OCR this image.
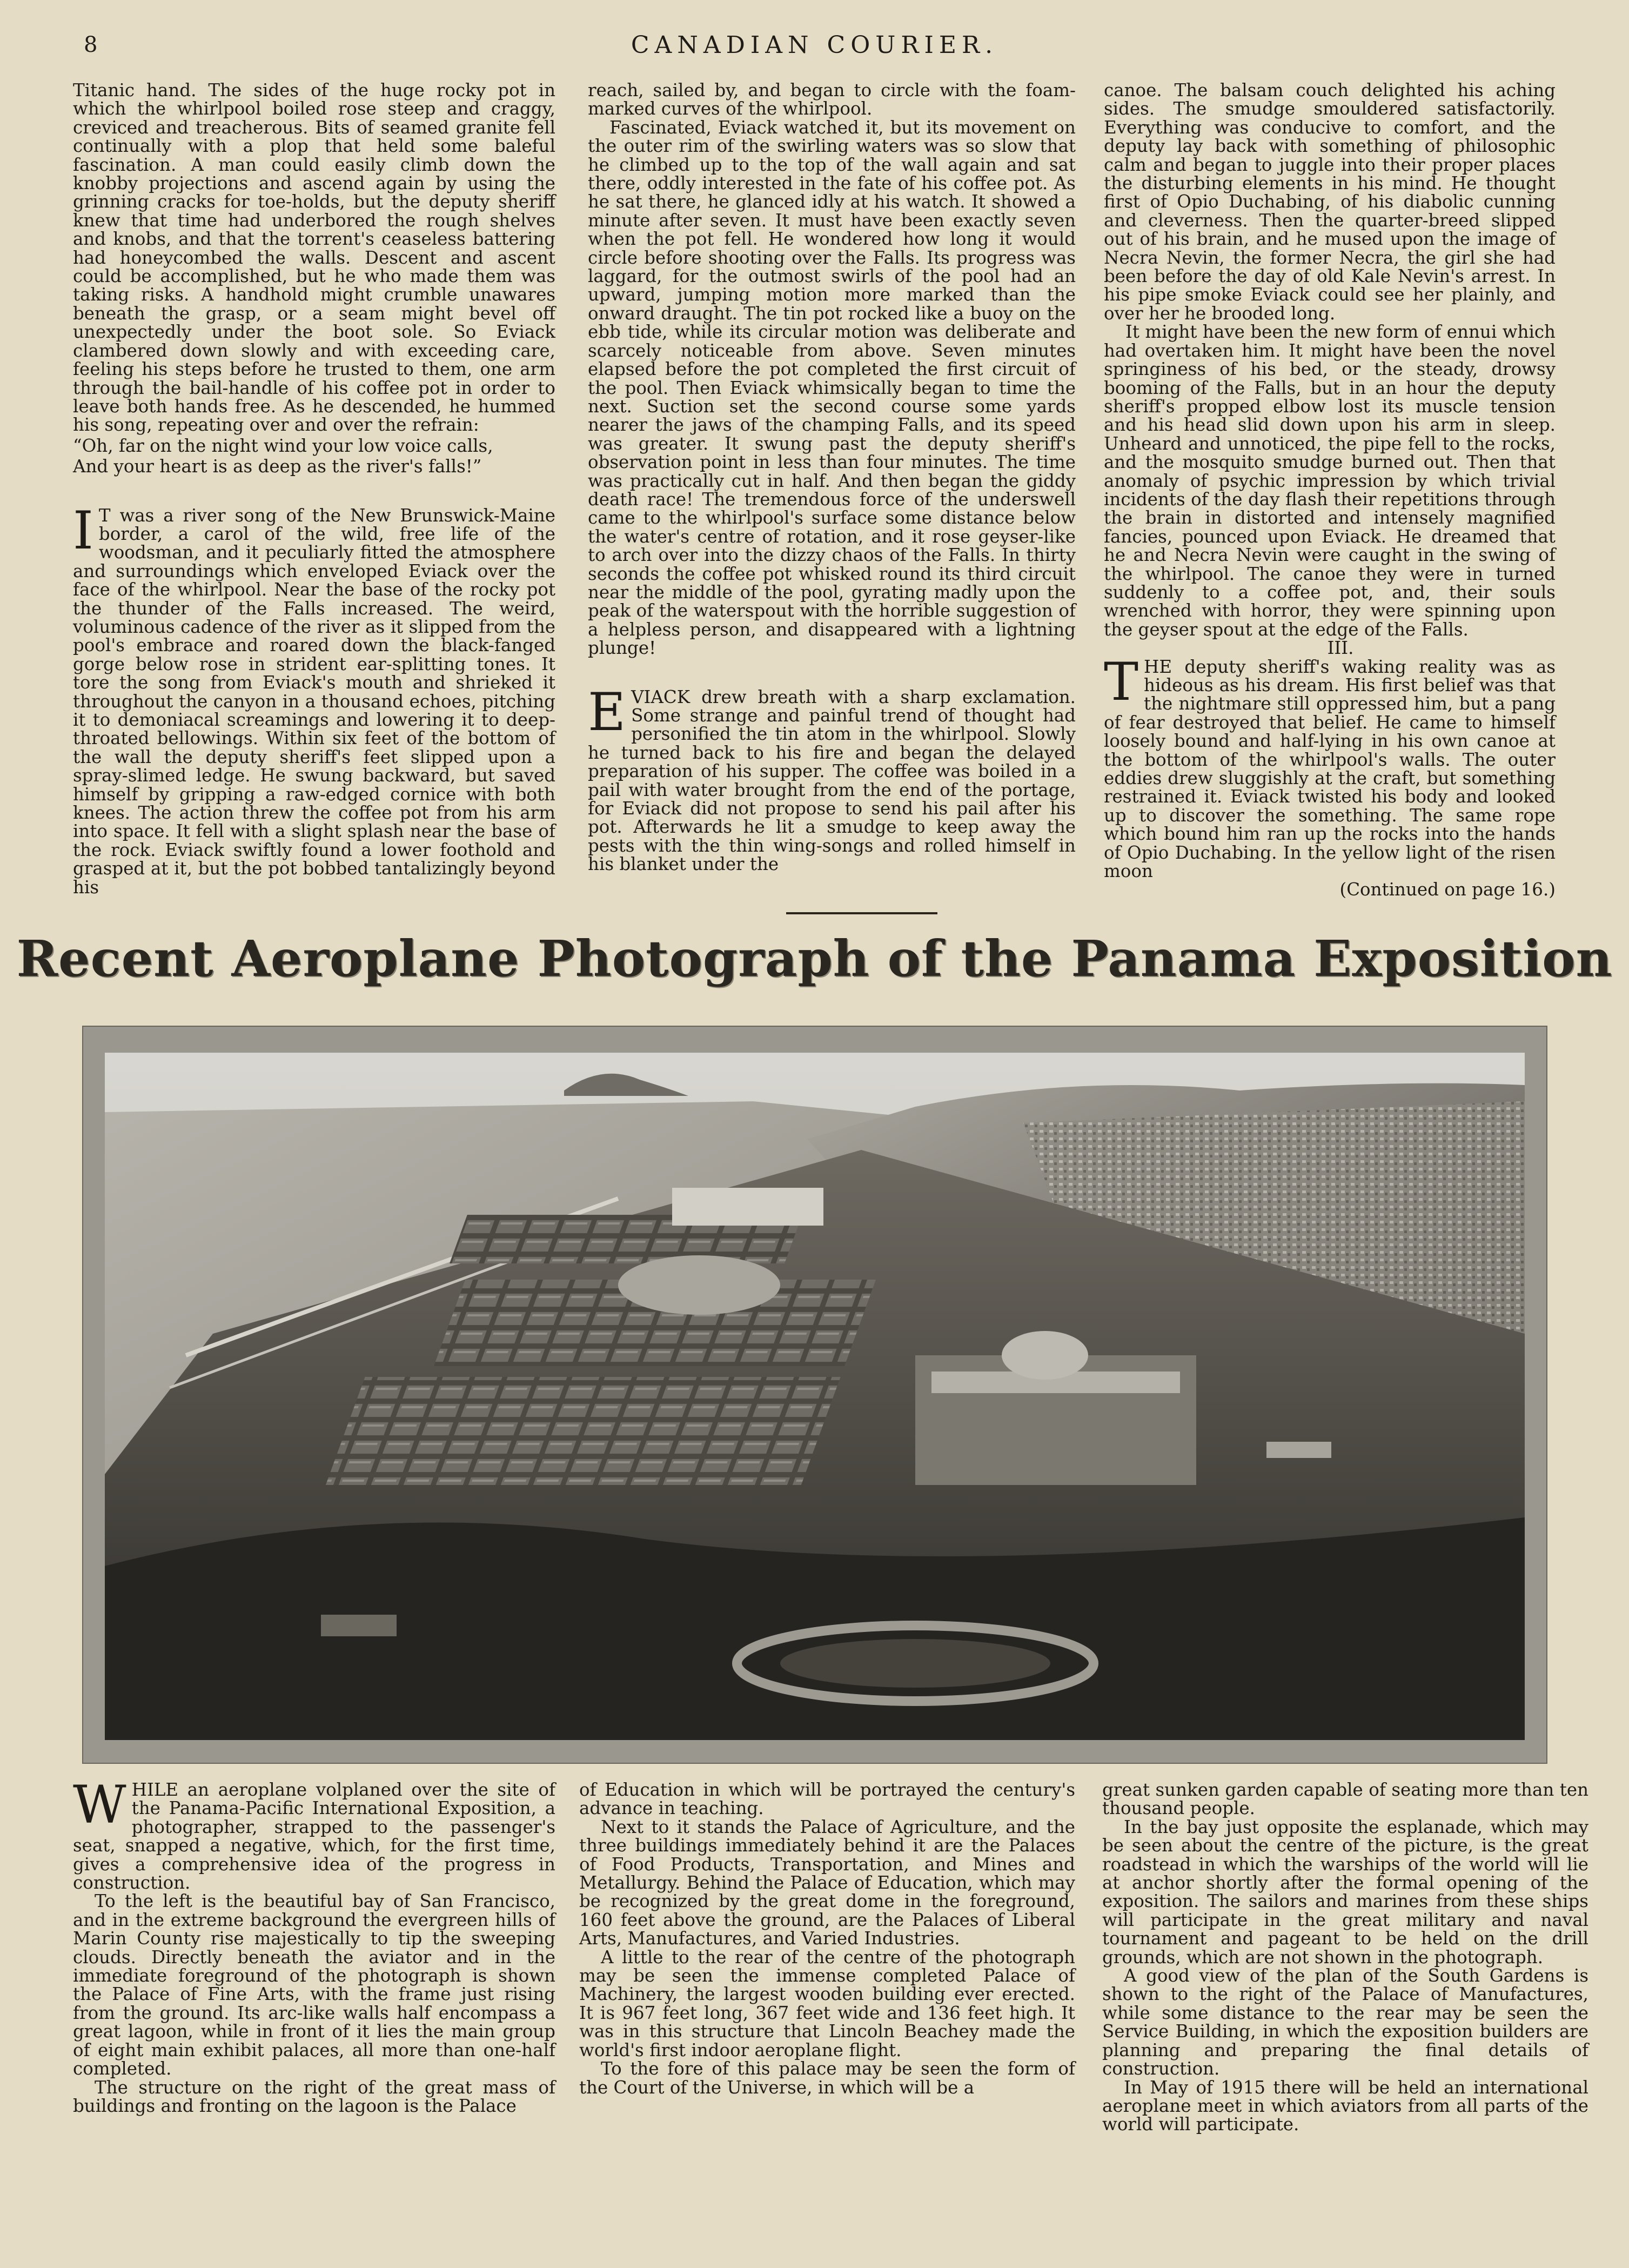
8	CANADIAN COURIER.

Titanic hand. The sides of the huge rocky pot in which the whirlpool boiled rose steep and craggy, creviced and treacherous. Bits of seamed granite fell continually with a plop that held some baleful fascination. A man could easily climb down the knobby projections and ascend again by using the grinning cracks for toe-holds, but the deputy sheriff knew that time had underbored the rough shelves and knobs, and that the torrent's ceaseless battering had honeycombed the walls. Descent and ascent could be accomplished, but he who made them was taking risks. A handhold might crumble unawares beneath the grasp, or a seam might bevel off unexpectedly under the boot sole. So Eviack clambered down slowly and with exceeding care, feeling his steps before he trusted to them, one arm through the bail-handle of his coffee pot in order to leave both hands free. As he descended, he hummed his song, repeating over and over the refrain:

“Oh, far on the night wind your low voice calls,

And your heart is as deep as the river's falls!”

I T was a river song of the New Brunswick-Maine border, a carol of the wild, free life of the woodsman, and it peculiarly fitted the atmosphere and surroundings which enveloped Eviack over the face of the whirlpool. Near the base of the rocky pot the thunder of the Falls increased. The weird, voluminous cadence of the river as it slipped from the pool's embrace and roared down the black-fanged gorge below rose in strident ear-splitting tones. It tore the song from Eviack's mouth and shrieked it throughout the canyon in a thousand echoes, pitching it to demoniacal screamings and lowering it to deep-throated bellowings. Within six feet of the bottom of the wall the deputy sheriff's feet slipped upon a spray-slimed ledge. He swung backward, but saved himself by gripping a raw-edged cornice with both knees. The action threw the coffee pot from his arm into space. It fell with a slight splash near the base of the rock. Eviack swiftly found a lower foothold and grasped at it, but the pot bobbed tantalizingly beyond his

reach, sailed by, and began to circle with the foam-marked curves of the whirlpool.

Fascinated, Eviack watched it, but its movement on the outer rim of the swirling waters was so slow that he climbed up to the top of the wall again and sat there, oddly interested in the fate of his coffee pot. As he sat there, he glanced idly at his watch. It showed a minute after seven. It must have been exactly seven when the pot fell. He wondered how long it would circle before shooting over the Falls. Its progress was laggard, for the outmost swirls of the pool had an upward, jumping motion more marked than the onward draught. The tin pot rocked like a buoy on the ebb tide, while its circular motion was deliberate and scarcely noticeable from above. Seven minutes elapsed before the pot completed the first circuit of the pool. Then Eviack whimsically began to time the next. Suction set the second course some yards nearer the jaws of the champing Falls, and its speed was greater. It swung past the deputy sheriff's observation point in less than four minutes. The time was practically cut in half. And then began the giddy death race! The tremendous force of the underswell came to the whirlpool's surface some distance below the water's centre of rotation, and it rose geyser-like to arch over into the dizzy chaos of the Falls. In thirty seconds the coffee pot whisked round its third circuit near the middle of the pool, gyrating madly upon the peak of the waterspout with the horrible suggestion of a helpless person, and disappeared with a lightning plunge!

EVIACK drew breath with a sharp exclamation. Some strange and painful trend of thought had personified the tin atom in the whirlpool. Slowly he turned back to his fire and began the delayed preparation of his supper. The coffee was boiled in a pail with water brought from the end of the portage, for Eviack did not propose to send his pail after his pot. Afterwards he lit a smudge to keep away the pests with the thin wing-songs and rolled himself in his blanket under the

canoe. The balsam couch delighted his aching sides. The smudge smouldered satisfactorily. Everything was conducive to comfort, and the deputy lay back with something of philosophic calm and began to juggle into their proper places the disturbing elements in his mind. He thought first of Opio Duchabing, of his diabolic cunning and cleverness. Then the quarter-breed slipped out of his brain, and he mused upon the image of Necra Nevin, the former Necra, the girl she had been before the day of old Kale Nevin's arrest. In his pipe smoke Eviack could see her plainly, and over her he brooded long.

It might have been the new form of ennui which had overtaken him. It might have been the novel springiness of his bed, or the steady, drowsy booming of the Falls, but in an hour the deputy sheriff's propped elbow lost its muscle tension and his head slid down upon his arm in sleep. Unheard and unnoticed, the pipe fell to the rocks, and the mosquito smudge burned out. Then that anomaly of psychic impression by which trivial incidents of the day flash their repetitions through the brain in distorted and intensely magnified fancies, pounced upon Eviack. He dreamed that he and Necra Nevin were caught in the swing of the whirlpool. The canoe they were in turned suddenly to a coffee pot, and, their souls wrenched with horror, they were spinning upon the geyser spout at the edge of the Falls.

III.

THE deputy sheriff's waking reality was as hideous as his dream. His first belief was that the nightmare still oppressed him, but a pang of fear destroyed that belief. He came to himself loosely bound and half-lying in his own canoe at the bottom of the whirlpool's walls. The outer eddies drew sluggishly at the craft, but something restrained it. Eviack twisted his body and looked up to discover the something. The same rope which bound him ran up the rocks into the hands of Opio Duchabing. In the yellow light of the risen moon

(Continued on page 16.)

Recent Aeroplane Photograph of the Panama Exposition

WHILE an aeroplane volplaned over the site of the Panama-Pacific International Exposition, a photographer, strapped to the passenger's seat, snapped a negative, which, for the first time, gives a comprehensive idea of the progress in construction.

To the left is the beautiful bay of San Francisco, and in the extreme background the evergreen hills of Marin County rise majestically to tip the sweeping clouds. Directly beneath the aviator and in the immediate foreground of the photograph is shown the Palace of Fine Arts, with the frame just rising from the ground. Its arc-like walls half encompass a great lagoon, while in front of it lies the main group of eight main exhibit palaces, all more than one-half completed.

The structure on the right of the great mass of buildings and fronting on the lagoon is the Palace

of Education in which will be portrayed the century's advance in teaching.

Next to it stands the Palace of Agriculture, and the three buildings immediately behind it are the Palaces of Food Products, Transportation, and Mines and Metallurgy. Behind the Palace of Education, which may be recognized by the great dome in the foreground, 160 feet above the ground, are the Palaces of Liberal Arts, Manufactures, and Varied Industries.

A little to the rear of the centre of the photograph may be seen the immense completed Palace of Machinery, the largest wooden building ever erected. It is 967 feet long, 367 feet wide and 136 feet high. It was in this structure that Lincoln Beachey made the world's first indoor aeroplane flight.

To the fore of this palace may be seen the form of the Court of the Universe, in which will be a

great sunken garden capable of seating more than ten thousand people.

In the bay just opposite the esplanade, which may be seen about the centre of the picture, is the great roadstead in which the warships of the world will lie at anchor shortly after the formal opening of the exposition. The sailors and marines from these ships will participate in the great military and naval tournament and pageant to be held on the drill grounds, which are not shown in the photograph.

A good view of the plan of the South Gardens is shown to the right of the Palace of Manufactures, while some distance to the rear may be seen the Service Building, in which the exposition builders are planning and preparing the final details of construction.

In May of 1915 there will be held an international aeroplane meet in which aviators from all parts of the world will participate.
